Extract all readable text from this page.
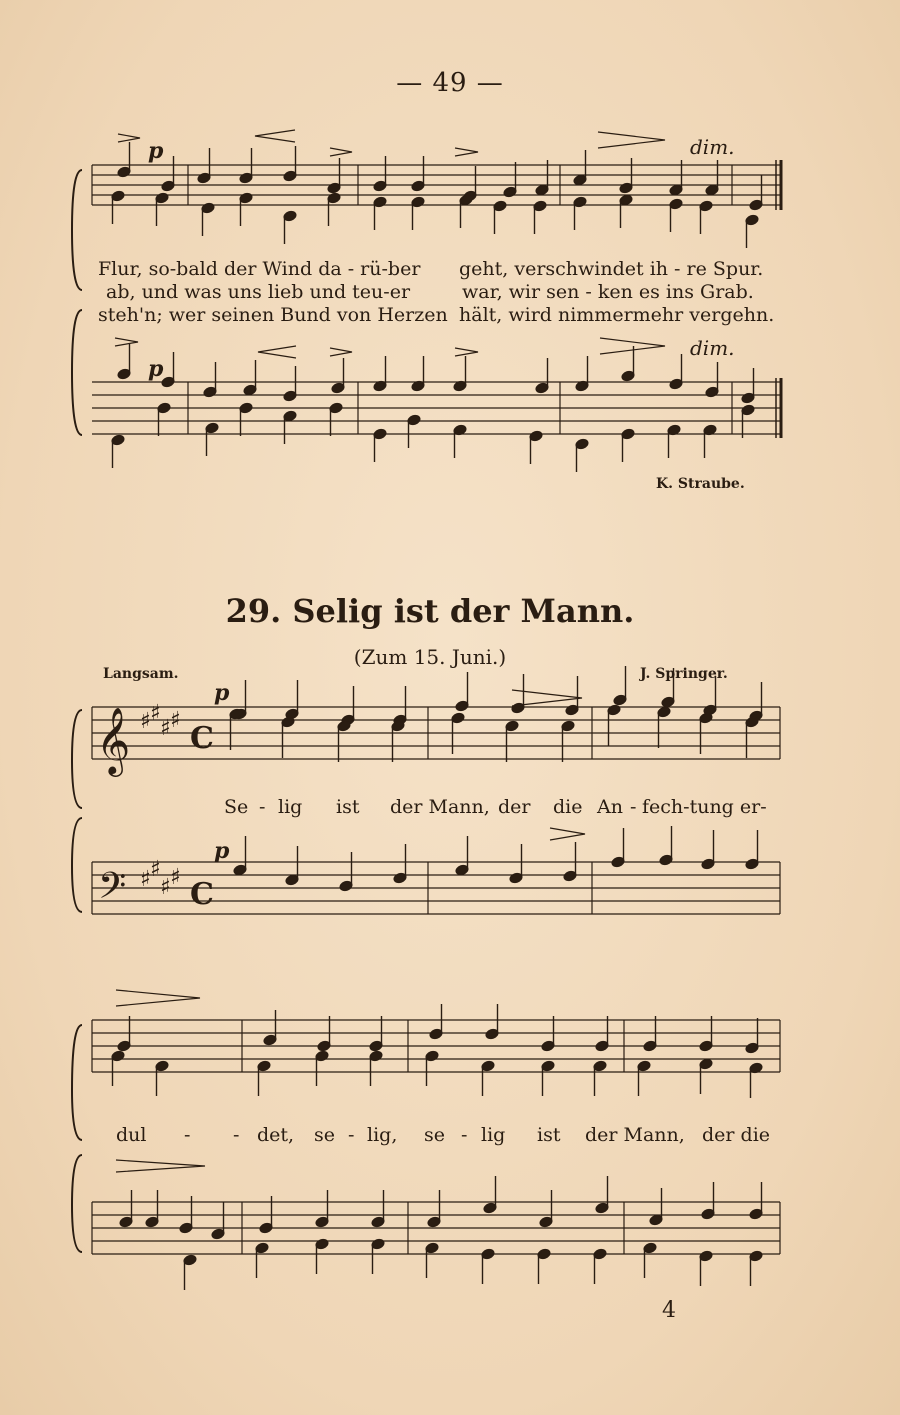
— 49 —
𝄞
𝄢
♯ ♯
♯ ♯
♯ ♯
♯ ♯
C
C
p	dim.
p
dim.
Flur, so-bald der Wind da - rü-ber geht, verschwindet ih - re Spur.
ab, und was uns lieb und teu-er	war, wir sen - ken es ins Grab.
steh'n; wer seinen Bund von Herzen hält, wird nimmermehr vergehn.
K. Straube.
29. Selig ist der Mann.
(Zum 15. Juni.)
Langsam.	J. Springer.
p
p
Se - lig ist der Mann, der die An - fech-tung er-
dul - - det, se - lig, se - lig ist der Mann, der die
4
